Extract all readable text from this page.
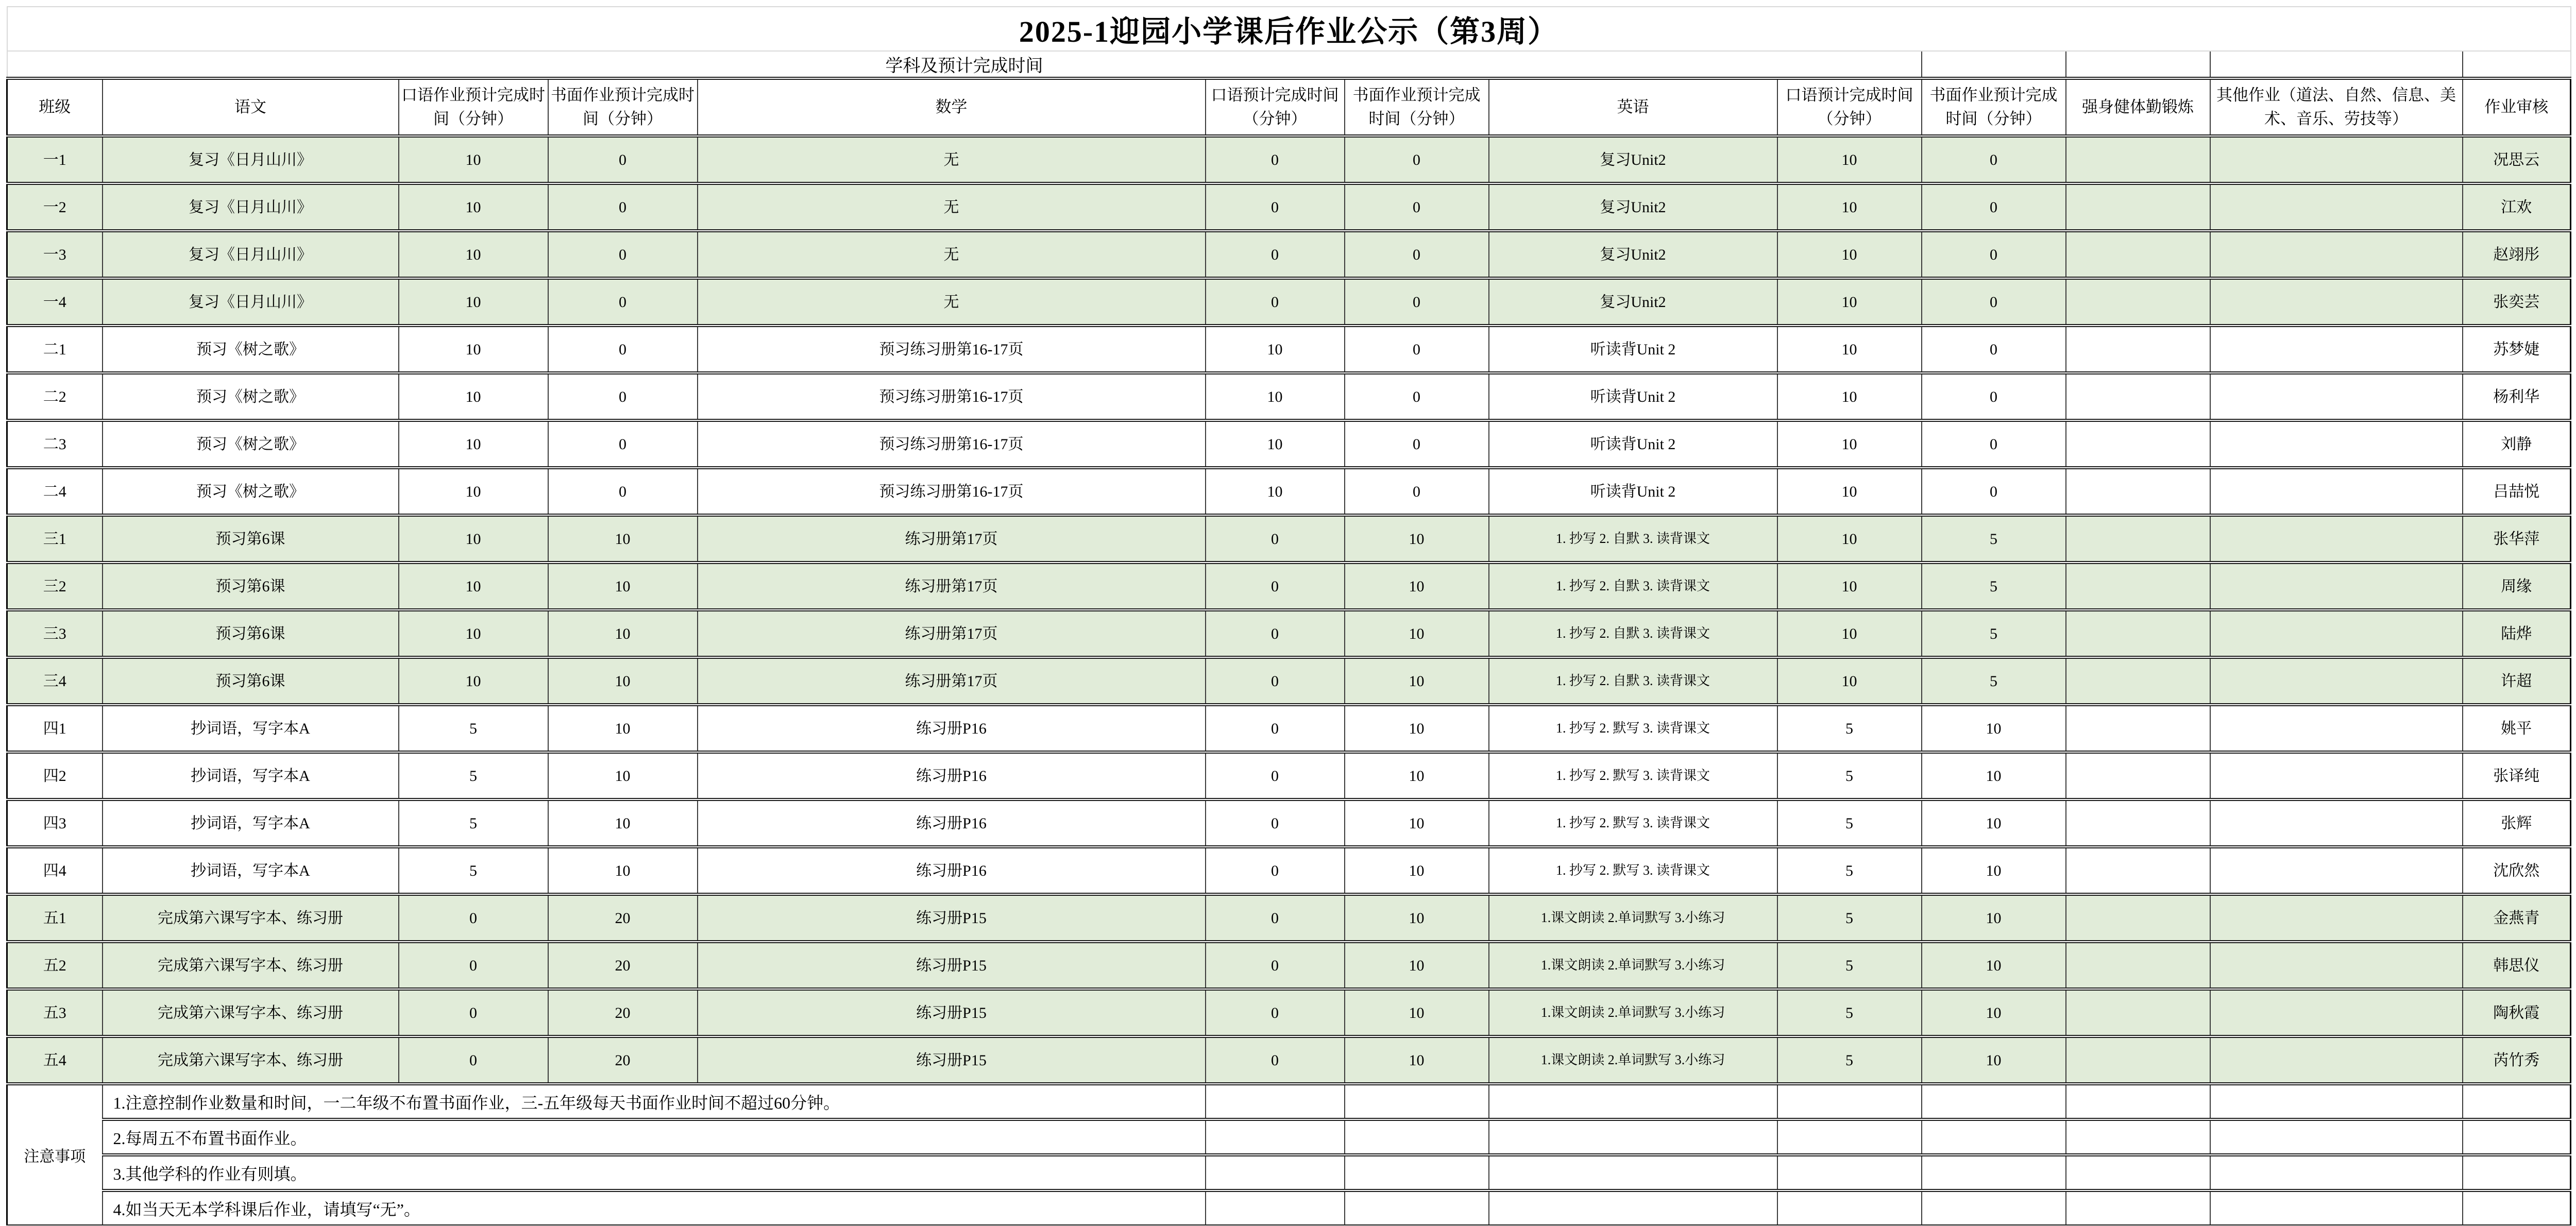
2025-1迎园小学课后作业公示（第3周）												
学科及预计完成时间												
班级	语文	口语作业预计完成时间（分钟）	书面作业预计完成时间（分钟）	数学	口语预计完成时间（分钟）	书面作业预计完成时间（分钟）	英语	口语预计完成时间（分钟）	书面作业预计完成时间（分钟）	强身健体勤锻炼	其他作业（道法、自然、信息、美术、音乐、劳技等）	作业审核
一1	复习《日月山川》	10	0	无	0	0	复习Unit2	10	0			况思云
一2	复习《日月山川》	10	0	无	0	0	复习Unit2	10	0			江欢
一3	复习《日月山川》	10	0	无	0	0	复习Unit2	10	0			赵翊彤
一4	复习《日月山川》	10	0	无	0	0	复习Unit2	10	0			张奕芸
二1	预习《树之歌》	10	0	预习练习册第16-17页	10	0	听读背Unit 2	10	0			苏梦婕
二2	预习《树之歌》	10	0	预习练习册第16-17页	10	0	听读背Unit 2	10	0			杨利华
二3	预习《树之歌》	10	0	预习练习册第16-17页	10	0	听读背Unit 2	10	0			刘静
二4	预习《树之歌》	10	0	预习练习册第16-17页	10	0	听读背Unit 2	10	0			吕喆悦
三1	预习第6课	10	10	练习册第17页	0	10	1. 抄写 2. 自默 3. 读背课文	10	5			张华萍
三2	预习第6课	10	10	练习册第17页	0	10	1. 抄写 2. 自默 3. 读背课文	10	5			周缘
三3	预习第6课	10	10	练习册第17页	0	10	1. 抄写 2. 自默 3. 读背课文	10	5			陆烨
三4	预习第6课	10	10	练习册第17页	0	10	1. 抄写 2. 自默 3. 读背课文	10	5			许超
四1	抄词语，写字本A	5	10	练习册P16	0	10	1. 抄写 2. 默写 3. 读背课文	5	10			姚平
四2	抄词语，写字本A	5	10	练习册P16	0	10	1. 抄写 2. 默写 3. 读背课文	5	10			张译纯
四3	抄词语，写字本A	5	10	练习册P16	0	10	1. 抄写 2. 默写 3. 读背课文	5	10			张辉
四4	抄词语，写字本A	5	10	练习册P16	0	10	1. 抄写 2. 默写 3. 读背课文	5	10			沈欣然
五1	完成第六课写字本、练习册	0	20	练习册P15	0	10	1.课文朗读 2.单词默写 3.小练习	5	10			金燕青
五2	完成第六课写字本、练习册	0	20	练习册P15	0	10	1.课文朗读 2.单词默写 3.小练习	5	10			韩思仪
五3	完成第六课写字本、练习册	0	20	练习册P15	0	10	1.课文朗读 2.单词默写 3.小练习	5	10			陶秋霞
五4	完成第六课写字本、练习册	0	20	练习册P15	0	10	1.课文朗读 2.单词默写 3.小练习	5	10			芮竹秀
注意事项	1.注意控制作业数量和时间，一二年级不布置书面作业，三-五年级每天书面作业时间不超过60分钟。											
	2.每周五不布置书面作业。											
	3.其他学科的作业有则填。											
	4.如当天无本学科课后作业，请填写“无”。											
